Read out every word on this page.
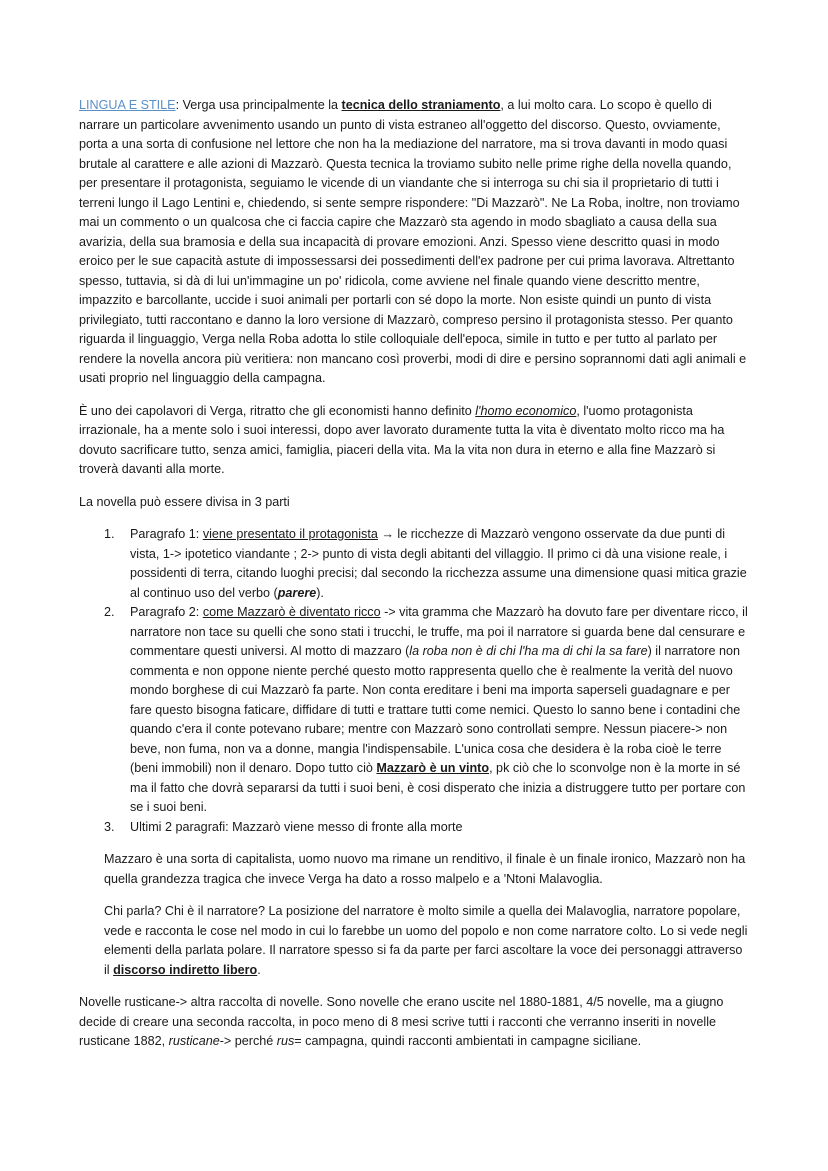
LINGUA E STILE: Verga usa principalmente la tecnica dello straniamento, a lui molto cara. Lo scopo è quello di narrare un particolare avvenimento usando un punto di vista estraneo all'oggetto del discorso. Questo, ovviamente, porta a una sorta di confusione nel lettore che non ha la mediazione del narratore, ma si trova davanti in modo quasi brutale al carattere e alle azioni di Mazzarò. Questa tecnica la troviamo subito nelle prime righe della novella quando, per presentare il protagonista, seguiamo le vicende di un viandante che si interroga su chi sia il proprietario di tutti i terreni lungo il Lago Lentini e, chiedendo, si sente sempre rispondere: "Di Mazzarò". Ne La Roba, inoltre, non troviamo mai un commento o un qualcosa che ci faccia capire che Mazzarò sta agendo in modo sbagliato a causa della sua avarizia, della sua bramosia e della sua incapacità di provare emozioni. Anzi. Spesso viene descritto quasi in modo eroico per le sue capacità astute di impossessarsi dei possedimenti dell'ex padrone per cui prima lavorava. Altrettanto spesso, tuttavia, si dà di lui un'immagine un po' ridicola, come avviene nel finale quando viene descritto mentre, impazzito e barcollante, uccide i suoi animali per portarli con sé dopo la morte. Non esiste quindi un punto di vista privilegiato, tutti raccontano e danno la loro versione di Mazzarò, compreso persino il protagonista stesso. Per quanto riguarda il linguaggio, Verga nella Roba adotta lo stile colloquiale dell'epoca, simile in tutto e per tutto al parlato per rendere la novella ancora più veritiera: non mancano così proverbi, modi di dire e persino soprannomi dati agli animali e usati proprio nel linguaggio della campagna.

È uno dei capolavori di Verga, ritratto che gli economisti hanno definito l'homo economico, l'uomo protagonista irrazionale, ha a mente solo i suoi interessi, dopo aver lavorato duramente tutta la vita è diventato molto ricco ma ha dovuto sacrificare tutto, senza amici, famiglia, piaceri della vita. Ma la vita non dura in eterno e alla fine Mazzarò si troverà davanti alla morte.

La novella può essere divisa in 3 parti

1. Paragrafo 1: viene presentato il protagonista → le ricchezze di Mazzarò vengono osservate da due punti di vista, 1-> ipotetico viandante ; 2-> punto di vista degli abitanti del villaggio. Il primo ci dà una visione reale, i possidenti di terra, citando luoghi precisi; dal secondo la ricchezza assume una dimensione quasi mitica grazie al continuo uso del verbo (parere).
2. Paragrafo 2: come Mazzarò è diventato ricco -> vita gramma che Mazzarò ha dovuto fare per diventare ricco, il narratore non tace su quelli che sono stati i trucchi, le truffe, ma poi il narratore si guarda bene dal censurare e commentare questi universi. Al motto di mazzaro (la roba non è di chi l'ha ma di chi la sa fare) il narratore non commenta e non oppone niente perché questo motto rappresenta quello che è realmente la verità del nuovo mondo borghese di cui Mazzarò fa parte. Non conta ereditare i beni ma importa saperseli guadagnare e per fare questo bisogna faticare, diffidare di tutti e trattare tutti come nemici. Questo lo sanno bene i contadini che quando c'era il conte potevano rubare; mentre con Mazzarò sono controllati sempre. Nessun piacere-> non beve, non fuma, non va a donne, mangia l'indispensabile. L'unica cosa che desidera è la roba cioè le terre (beni immobili) non il denaro. Dopo tutto ciò Mazzarò è un vinto, pk ciò che lo sconvolge non è la morte in sé ma il fatto che dovrà separarsi da tutti i suoi beni, è cosi disperato che inizia a distruggere tutto per portare con se i suoi beni.
3. Ultimi 2 paragrafi: Mazzarò viene messo di fronte alla morte

Mazzaro è una sorta di capitalista, uomo nuovo ma rimane un renditivo, il finale è un finale ironico, Mazzarò non ha quella grandezza tragica che invece Verga ha dato a rosso malpelo e a 'Ntoni Malavoglia.

Chi parla? Chi è il narratore? La posizione del narratore è molto simile a quella dei Malavoglia, narratore popolare, vede e racconta le cose nel modo in cui lo farebbe un uomo del popolo e non come narratore colto. Lo si vede negli elementi della parlata polare. Il narratore spesso si fa da parte per farci ascoltare la voce dei personaggi attraverso il discorso indiretto libero.

Novelle rusticane-> altra raccolta di novelle. Sono novelle che erano uscite nel 1880-1881, 4/5 novelle, ma a giugno decide di creare una seconda raccolta, in poco meno di 8 mesi scrive tutti i racconti che verranno inseriti in novelle rusticane 1882, rusticane-> perché rus= campagna, quindi racconti ambientati in campagne siciliane.
